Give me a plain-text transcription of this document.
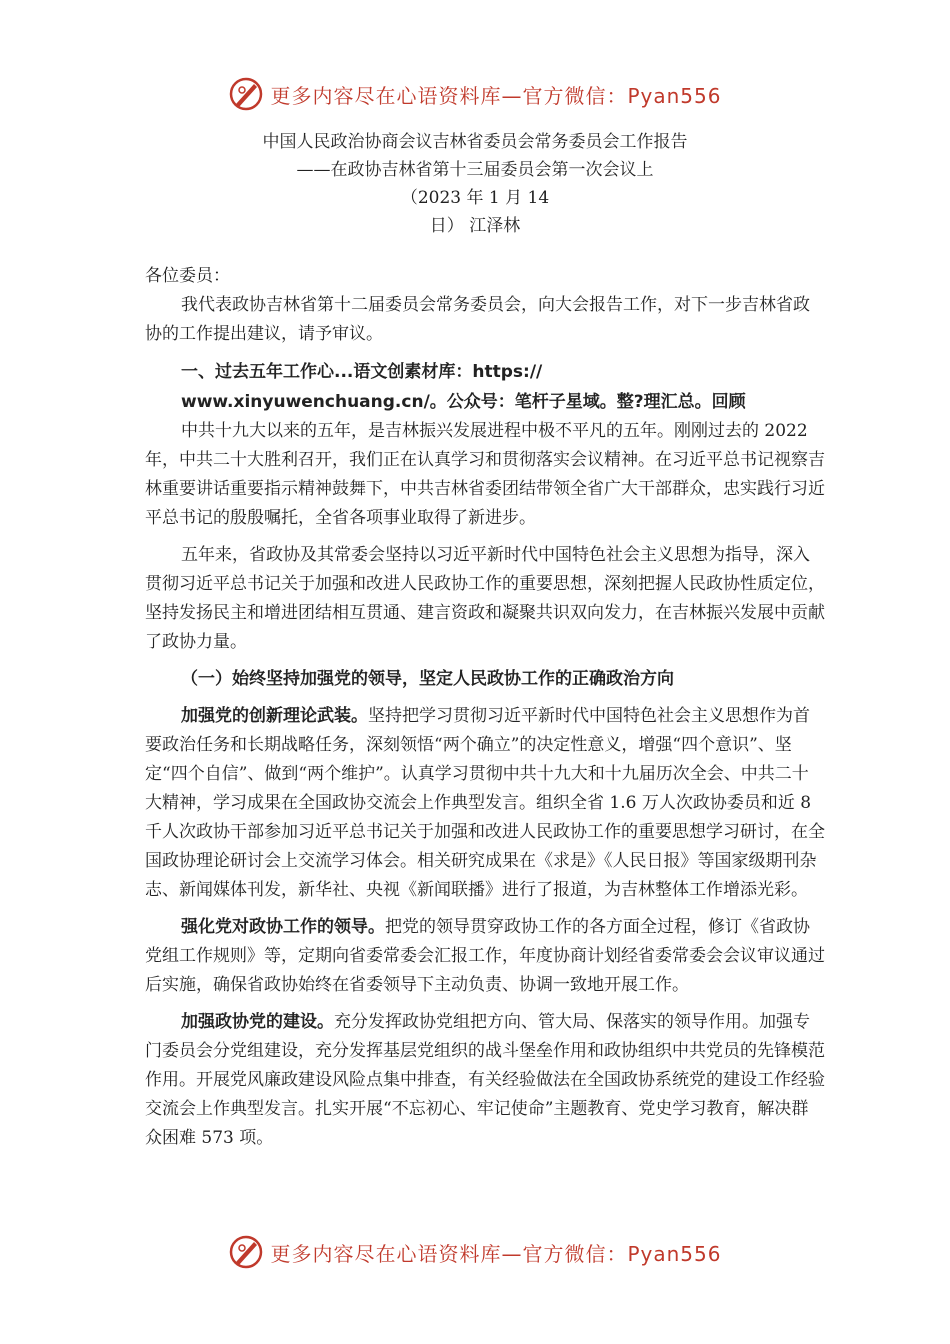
更多内容尽在心语资料库—官方微信：Pyan556
中国人民政治协商会议吉林省委员会常务委员会工作报告
——在政协吉林省第十三届委员会第一次会议上
（2023 年 1 月 14
日） 江泽林

各位委员：

我代表政协吉林省第十二届委员会常务委员会，向大会报告工作，对下一步吉林省政协的工作提出建议，请予审议。

一、过去五年工作心...语文创素材库：https://

www.xinyuwenchuang.cn/。公众号：笔杆子星域。整?理汇总。回顾

中共十九大以来的五年，是吉林振兴发展进程中极不平凡的五年。刚刚过去的 2022 年，中共二十大胜利召开，我们正在认真学习和贯彻落实会议精神。在习近平总书记视察吉林重要讲话重要指示精神鼓舞下，中共吉林省委团结带领全省广大干部群众，忠实践行习近平总书记的殷殷嘱托，全省各项事业取得了新进步。

五年来，省政协及其常委会坚持以习近平新时代中国特色社会主义思想为指导，深入贯彻习近平总书记关于加强和改进人民政协工作的重要思想，深刻把握人民政协性质定位，坚持发扬民主和增进团结相互贯通、建言资政和凝聚共识双向发力，在吉林振兴发展中贡献了政协力量。

（一）始终坚持加强党的领导，坚定人民政协工作的正确政治方向

加强党的创新理论武装。坚持把学习贯彻习近平新时代中国特色社会主义思想作为首要政治任务和长期战略任务，深刻领悟“两个确立”的决定性意义，增强“四个意识”、坚定“四个自信”、做到“两个维护”。认真学习贯彻中共十九大和十九届历次全会、中共二十大精神，学习成果在全国政协交流会上作典型发言。组织全省 1.6 万人次政协委员和近 8 千人次政协干部参加习近平总书记关于加强和改进人民政协工作的重要思想学习研讨，在全国政协理论研讨会上交流学习体会。相关研究成果在《求是》《人民日报》等国家级期刊杂志、新闻媒体刊发，新华社、央视《新闻联播》进行了报道，为吉林整体工作增添光彩。

强化党对政协工作的领导。把党的领导贯穿政协工作的各方面全过程，修订《省政协党组工作规则》等，定期向省委常委会汇报工作，年度协商计划经省委常委会会议审议通过后实施，确保省政协始终在省委领导下主动负责、协调一致地开展工作。

加强政协党的建设。充分发挥政协党组把方向、管大局、保落实的领导作用。加强专门委员会分党组建设，充分发挥基层党组织的战斗堡垒作用和政协组织中共党员的先锋模范作用。开展党风廉政建设风险点集中排查，有关经验做法在全国政协系统党的建设工作经验交流会上作典型发言。扎实开展“不忘初心、牢记使命”主题教育、党史学习教育，解决群众困难 573 项。

更多内容尽在心语资料库—官方微信：Pyan556
